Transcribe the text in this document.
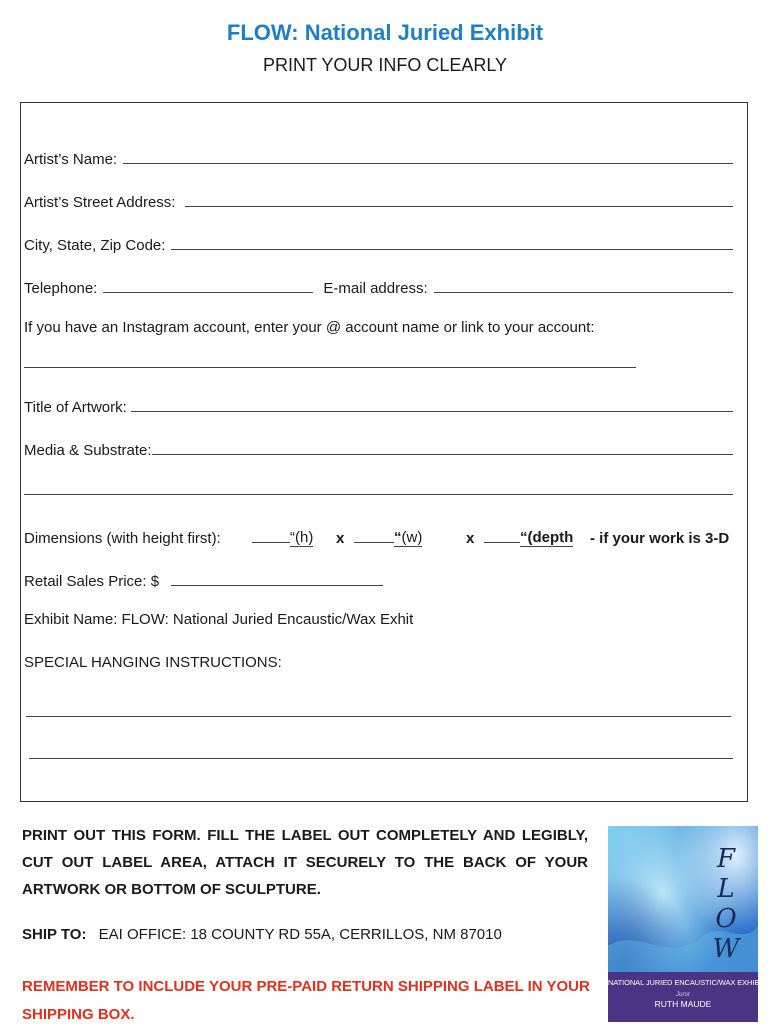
FLOW: National Juried Exhibit
PRINT YOUR INFO CLEARLY
Artist’s Name:
Artist’s Street Address:
City, State, Zip Code:
Telephone:	E-mail address:
If you have an Instagram account, enter your @ account name or link to your account:
Title of Artwork:
Media & Substrate:
Dimensions (with height first):	“(h) x	“(w)	x	“(depth - if your work is 3-D
Retail Sales Price: $
Exhibit Name: FLOW: National Juried Encaustic/Wax Exhit
SPECIAL HANGING INSTRUCTIONS:
PRINT OUT THIS FORM. FILL THE LABEL OUT COMPLETELY AND LEGIBLY, CUT OUT LABEL AREA, ATTACH IT SECURELY TO THE BACK OF YOUR ARTWORK OR BOTTOM OF SCULPTURE.
SHIP TO: EAI OFFICE: 18 COUNTY RD 55A, CERRILLOS, NM 87010
REMEMBER TO INCLUDE YOUR PRE-PAID RETURN SHIPPING LABEL IN YOUR SHIPPING BOX.
F
L
O
W
NATIONAL JURIED ENCAUSTIC/WAX EXHIBITION
Juror
RUTH MAUDE
